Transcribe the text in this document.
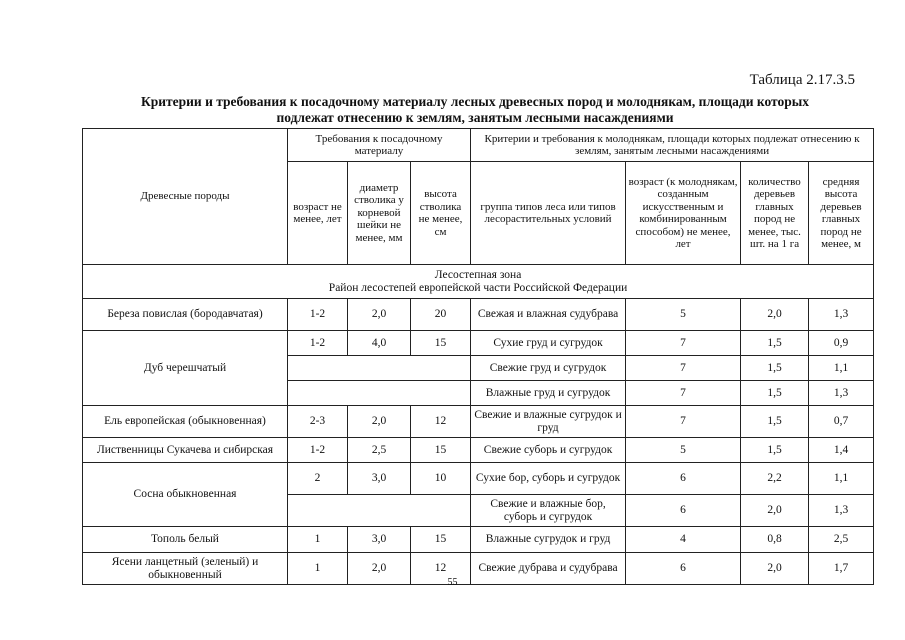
Таблица 2.17.3.5
Критерии и требования к посадочному материалу лесных древесных пород и молоднякам, площади которых
подлежат отнесению к землям, занятым лесными насаждениями
Древесные породы	Требования к посадочному материалу			Критерии и требования к молоднякам, площади которых подлежат отнесению к землям, занятым лесными насаждениями			
	возраст не менее, лет	диаметр стволика у корневой шейки не менее, мм	высота стволика не менее, см	группа типов леса или типов лесорастительных условий	возраст (к молоднякам, созданным искусственным и комбинированным способом) не менее, лет	количество деревьев главных пород не менее, тыс. шт. на 1 га	средняя высота деревьев главных пород не менее, м

Лесостепная зона
Район лесостепей европейской части Российской Федерации							

Береза повислая (бородавчатая)	1-2	2,0	20	Свежая и влажная судубрава	5	2,0	1,3
Дуб черешчатый	1-2	4,0	15	Сухие груд и сугрудок	7	1,5	0,9
				Свежие груд и сугрудок	7	1,5	1,1
				Влажные груд и сугрудок	7	1,5	1,3
Ель европейская (обыкновенная)	2-3	2,0	12	Свежие и влажные сугрудок и груд	7	1,5	0,7
Лиственницы Сукачева и сибирская	1-2	2,5	15	Свежие суборь и сугрудок	5	1,5	1,4
Сосна обыкновенная	2	3,0	10	Сухие бор, суборь и сугрудок	6	2,2	1,1
				Свежие и влажные бор, суборь и сугрудок	6	2,0	1,3
Тополь белый	1	3,0	15	Влажные сугрудок и груд	4	0,8	2,5
Ясени ланцетный (зеленый) и обыкновенный	1	2,0	12	Свежие дубрава и судубрава	6	2,0	1,7
55
